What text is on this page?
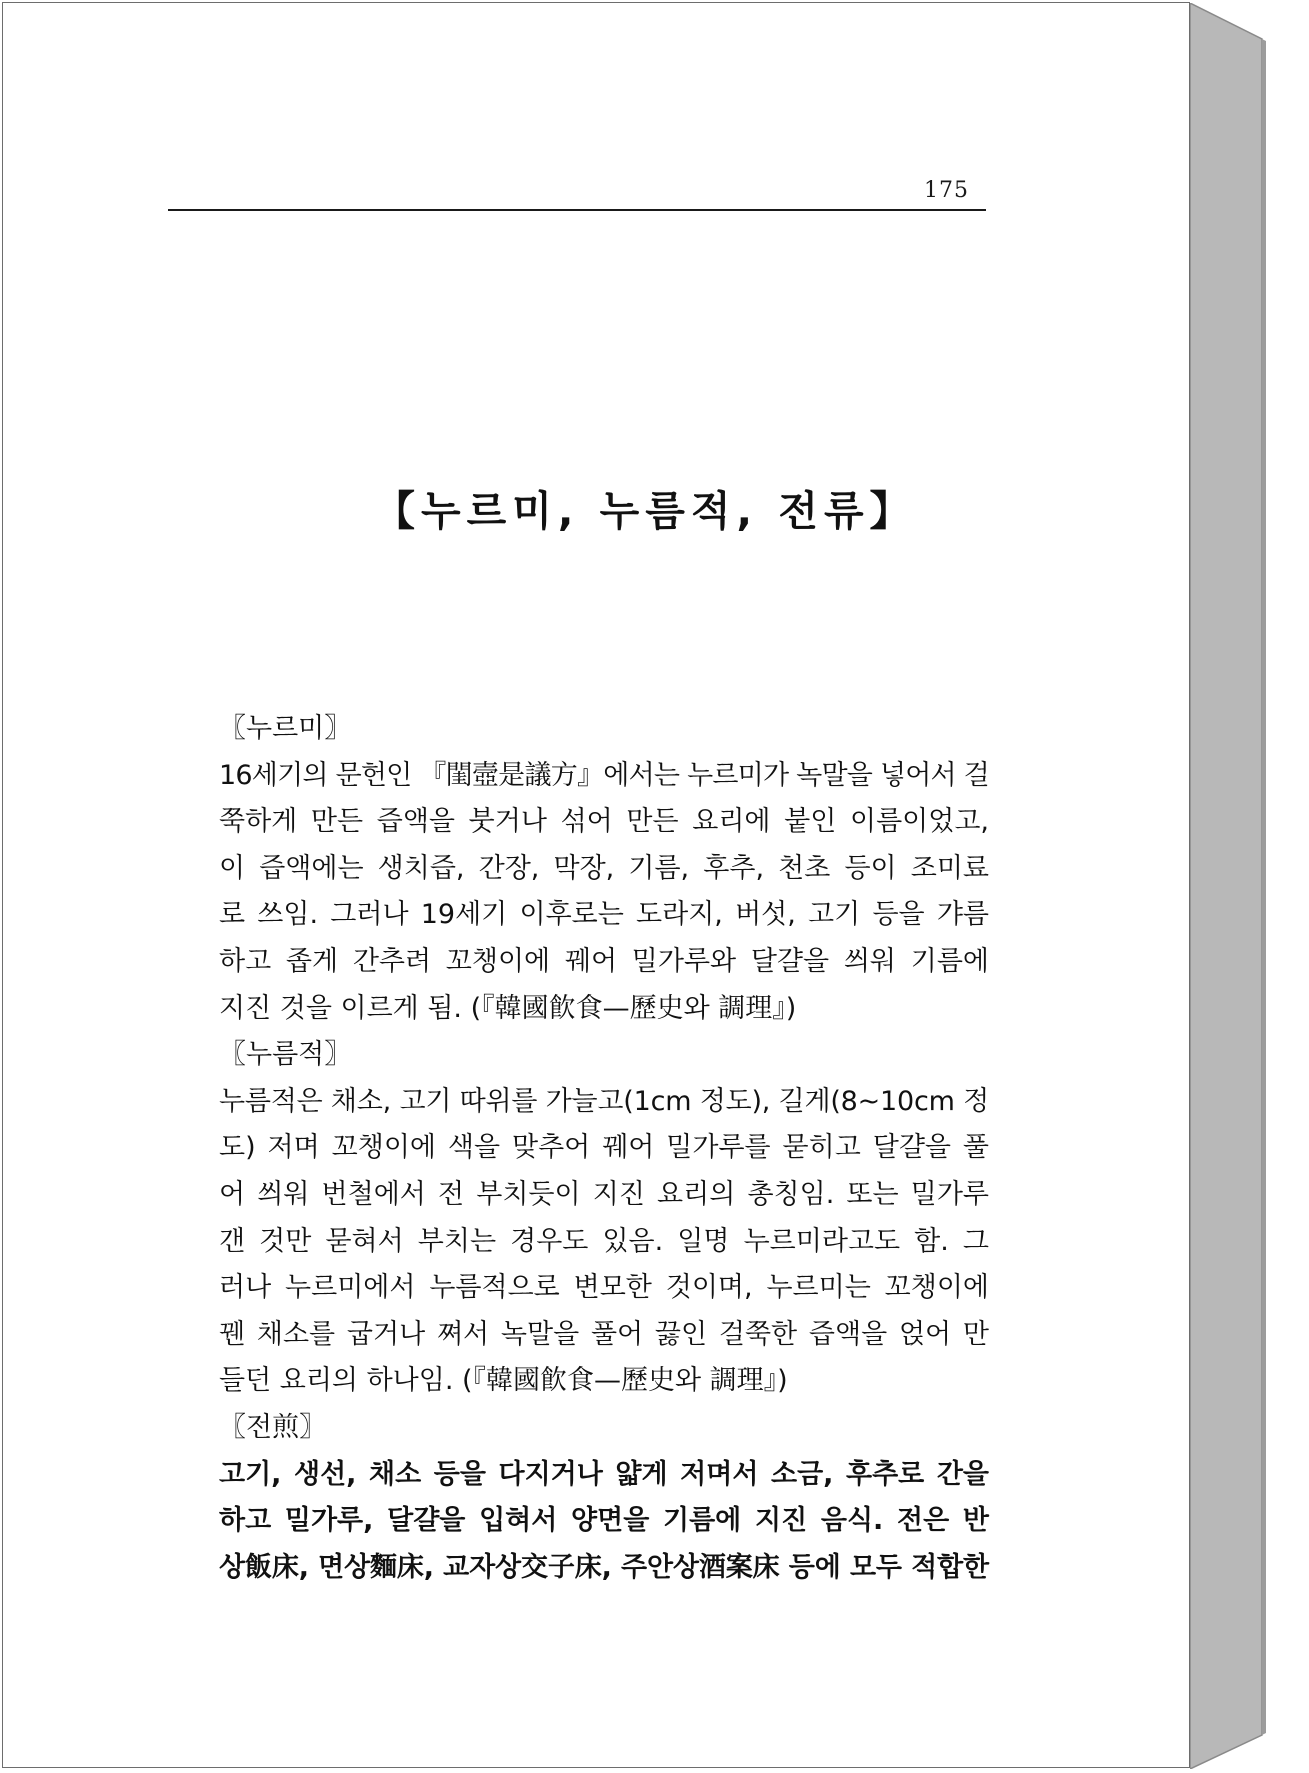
175
【누르미, 누름적, 전류】
〖누르미〗
16세기의 문헌인 『閨壼是議方』에서는 누르미가 녹말을 넣어서 걸
쭉하게 만든 즙액을 붓거나 섞어 만든 요리에 붙인 이름이었고,
이 즙액에는 생치즙, 간장, 막장, 기름, 후추, 천초 등이 조미료
로 쓰임. 그러나 19세기 이후로는 도라지, 버섯, 고기 등을 갸름
하고 좁게 간추려 꼬챙이에 꿰어 밀가루와 달걀을 씌워 기름에
지진 것을 이르게 됨. (『韓國飮食—歷史와 調理』)
〖누름적〗
누름적은 채소, 고기 따위를 가늘고(1cm 정도), 길게(8~10cm 정
도) 저며 꼬챙이에 색을 맞추어 꿰어 밀가루를 묻히고 달걀을 풀
어 씌워 번철에서 전 부치듯이 지진 요리의 총칭임. 또는 밀가루
갠 것만 묻혀서 부치는 경우도 있음. 일명 누르미라고도 함. 그
러나 누르미에서 누름적으로 변모한 것이며, 누르미는 꼬챙이에
꿴 채소를 굽거나 쪄서 녹말을 풀어 끓인 걸쭉한 즙액을 얹어 만
들던 요리의 하나임. (『韓國飮食—歷史와 調理』)
〖전煎〗
고기, 생선, 채소 등을 다지거나 얇게 저며서 소금, 후추로 간을
하고 밀가루, 달걀을 입혀서 양면을 기름에 지진 음식. 전은 반
상飯床, 면상麵床, 교자상交子床, 주안상酒案床 등에 모두 적합한
